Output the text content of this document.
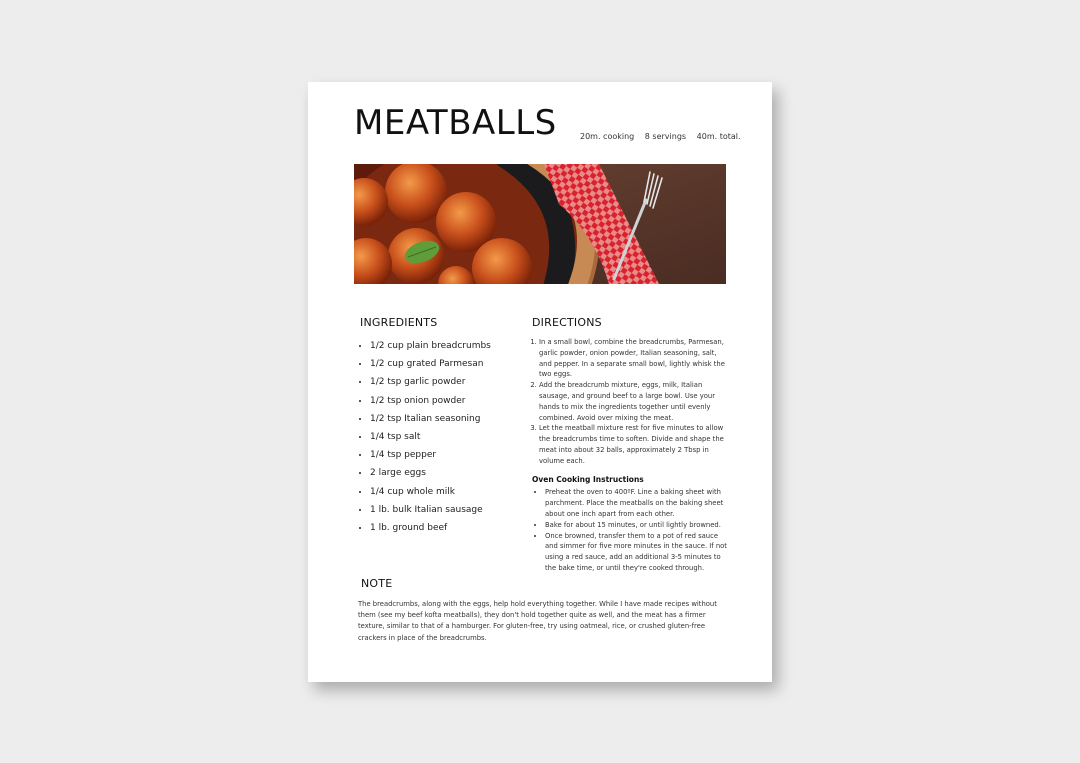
MEATBALLS	20m. cooking 8 servings 40m. total.
INGREDIENTS
• 1/2 cup plain breadcrumbs
• 1/2 cup grated Parmesan
• 1/2 tsp garlic powder
• 1/2 tsp onion powder
• 1/2 tsp Italian seasoning
• 1/4 tsp salt
• 1/4 tsp pepper
• 2 large eggs
• 1/4 cup whole milk
• 1 lb. bulk Italian sausage
• 1 lb. ground beef
DIRECTIONS
1. In a small bowl, combine the breadcrumbs, Parmesan, garlic powder, onion powder, Italian seasoning, salt, and pepper. In a separate small bowl, lightly whisk the two eggs.
2. Add the breadcrumb mixture, eggs, milk, Italian sausage, and ground beef to a large bowl. Use your hands to mix the ingredients together until evenly combined. Avoid over mixing the meat.
3. Let the meatball mixture rest for five minutes to allow the breadcrumbs time to soften. Divide and shape the meat into about 32 balls, approximately 2 Tbsp in volume each.
Oven Cooking Instructions
• Preheat the oven to 400ºF. Line a baking sheet with parchment. Place the meatballs on the baking sheet about one inch apart from each other.
• Bake for about 15 minutes, or until lightly browned.
• Once browned, transfer them to a pot of red sauce and simmer for five more minutes in the sauce. If not using a red sauce, add an additional 3-5 minutes to the bake time, or until they're cooked through.
NOTE

The breadcrumbs, along with the eggs, help hold everything together. While I have made recipes without them (see my beef kofta meatballs), they don't hold together quite as well, and the meat has a firmer texture, similar to that of a hamburger. For gluten-free, try using oatmeal, rice, or crushed gluten-free crackers in place of the breadcrumbs.
